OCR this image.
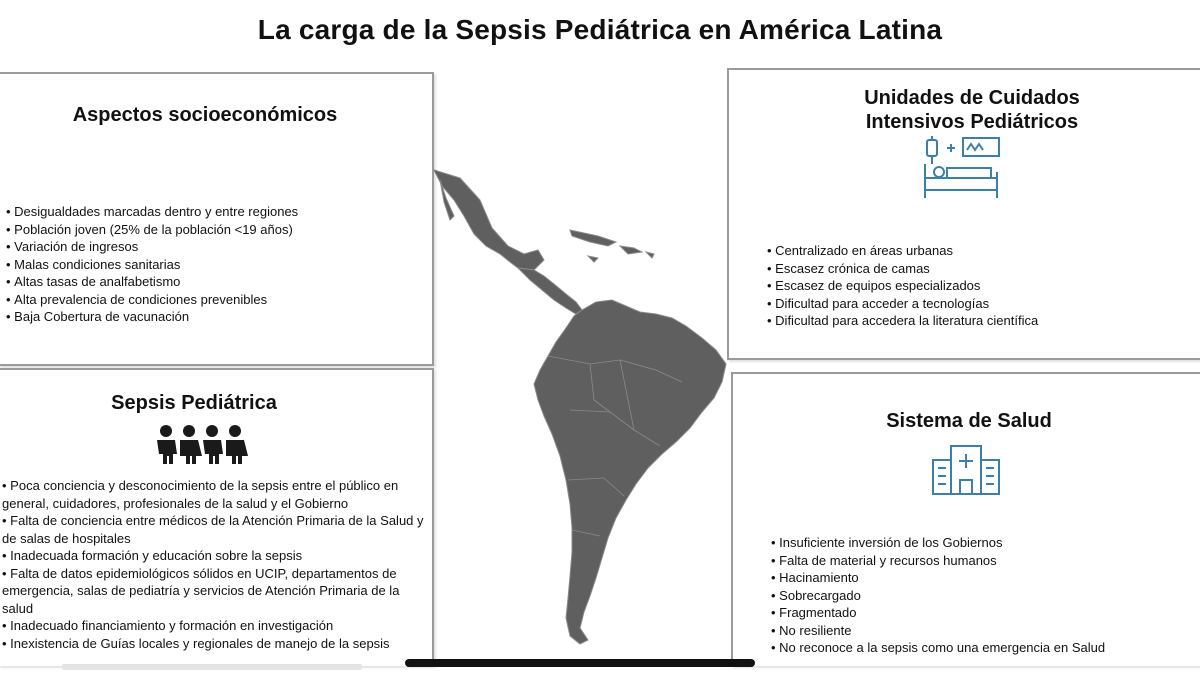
La carga de la Sepsis Pediátrica en América Latina
Aspectos socioeconómicos
• Desigualdades marcadas dentro y entre regiones
• Población joven (25% de la población <19 años)
• Variación de ingresos
• Malas condiciones sanitarias
• Altas tasas de analfabetismo
• Alta prevalencia de condiciones prevenibles
• Baja Cobertura de vacunación
Sepsis Pediátrica
• Poca conciencia y desconocimiento de la sepsis entre el público en general, cuidadores, profesionales de la salud y el Gobierno
• Falta de conciencia entre médicos de la Atención Primaria de la Salud y de salas de hospitales
• Inadecuada formación y educación sobre la sepsis
• Falta de datos epidemiológicos sólidos en UCIP, departamentos de emergencia, salas de pediatría y servicios de Atención Primaria de la salud
• Inadecuado financiamiento y formación en investigación
• Inexistencia de Guías locales y regionales de manejo de la sepsis
Unidades de Cuidados
Intensivos Pediátricos
• Centralizado en áreas urbanas
• Escasez crónica de camas
• Escasez de equipos especializados
• Dificultad para acceder a tecnologías
• Dificultad para accedera la literatura científica
Sistema de Salud
• Insuficiente inversión de los Gobiernos
• Falta de material y recursos humanos
• Hacinamiento
• Sobrecargado
• Fragmentado
• No resiliente
• No reconoce a la sepsis como una emergencia en Salud
